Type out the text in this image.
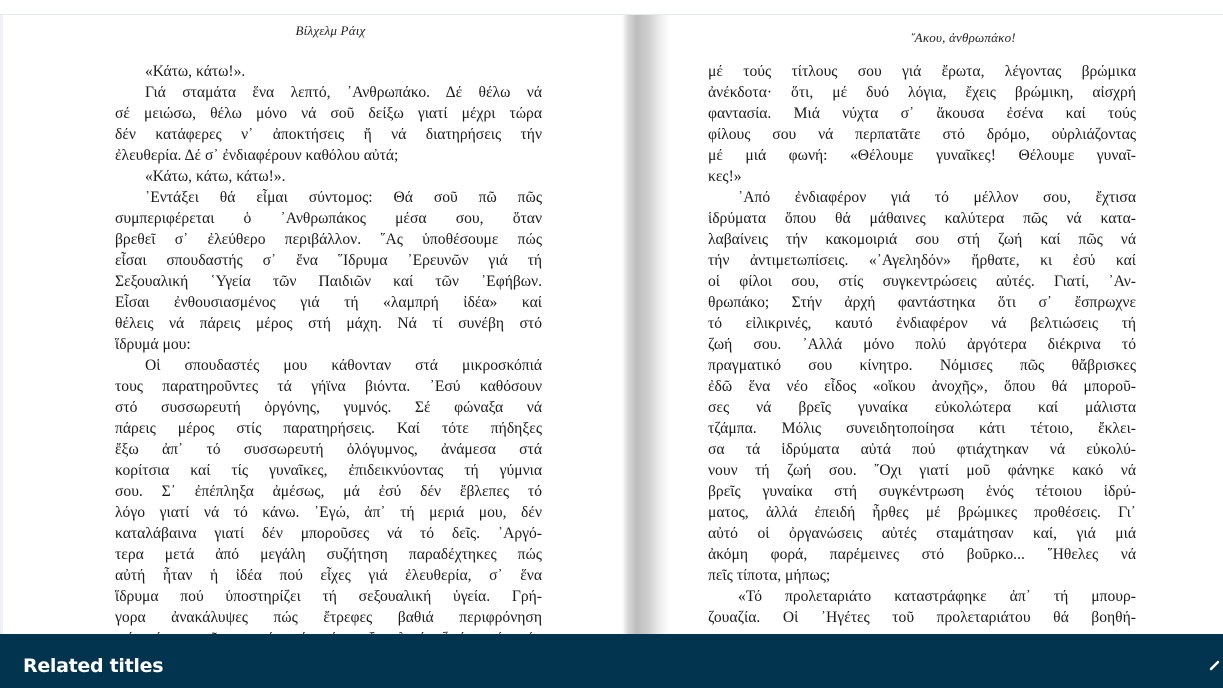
Βίλχελμ Ράιχ
«Κάτω, κάτω!».
Γιά σταμάτα ἕνα λεπτό, ᾿Ανθρωπάκο. Δέ θέλω νά
σέ μειώσω, θέλω μόνο νά σοῦ δείξω γιατί μέχρι τώρα
δέν κατάφερες ν᾿ ἀποκτήσεις ἤ νά διατηρήσεις τήν
ἐλευθερία. Δέ σ᾿ ἐνδιαφέρουν καθόλου αὐτά;
«Κάτω, κάτω, κάτω!».
᾿Εντάξει θά εἶμαι σύντομος: Θά σοῦ πῶ πῶς
συμπεριφέρεται ὁ ᾿Ανθρωπάκος μέσα σου, ὅταν
βρεθεῖ σ᾿ ἐλεύθερο περιβάλλον. ῞Ας ὑποθέσουμε πώς
εἶσαι σπουδαστής σ᾿ ἕνα ῞Ιδρυμα ᾿Ερευνῶν γιά τή
Σεξουαλική ῾Υγεία τῶν Παιδιῶν καί τῶν ᾿Εφήβων.
Εἶσαι ἐνθουσιασμένος γιά τή «λαμπρή ἰδέα» καί
θέλεις νά πάρεις μέρος στή μάχη. Νά τί συνέβη στό
ἵδρυμά μου:
Οἱ σπουδαστές μου κάθονταν στά μικροσκόπιά
τους παρατηροῦντες τά γήϊνα βιόντα. ᾿Εσύ καθόσουν
στό συσσωρευτή ὀργόνης, γυμνός. Σέ φώναξα νά
πάρεις μέρος στίς παρατηρήσεις. Καί τότε πήδηξες
ἔξω ἀπ᾿ τό συσσωρευτή ὁλόγυμνος, ἀνάμεσα στά
κορίτσια καί τίς γυναῖκες, ἐπιδεικνύοντας τή γύμνια
σου. Σ᾿ ἐπέπληξα ἀμέσως, μά ἐσύ δέν ἔβλεπες τό
λόγο γιατί νά τό κάνω. ᾿Εγώ, ἀπ᾿ τή μεριά μου, δέν
καταλάβαινα γιατί δέν μποροῦσες νά τό δεῖς. ᾿Αργό-
τερα μετά ἀπό μεγάλη συζήτηση παραδέχτηκες πώς
αὐτή ἦταν ἡ ἰδέα πού εἶχες γιά ἐλευθερία, σ᾿ ἕνα
ἵδρυμα πού ὑποστηρίζει τή σεξουαλική ὑγεία. Γρή-
γορα ἀνακάλυψες πώς ἔτρεφες βαθιά περιφρόνηση
῎Ακου, ἀνθρωπάκο!
μέ τούς τίτλους σου γιά ἔρωτα, λέγοντας βρώμικα
ἀνέκδοτα· ὅτι, μέ δυό λόγια, ἔχεις βρώμικη, αἰσχρή
φαντασία. Μιά νύχτα σ᾿ ἄκουσα ἐσένα καί τούς
φίλους σου νά περπατᾶτε στό δρόμο, οὐρλιάζοντας
μέ μιά φωνή: «Θέλουμε γυναῖκες! Θέλουμε γυναῖ-
κες!»
᾿Από ἐνδιαφέρον γιά τό μέλλον σου, ἔχτισα
ἱδρύματα ὅπου θά μάθαινες καλύτερα πῶς νά κατα-
λαβαίνεις τήν κακομοιριά σου στή ζωή καί πῶς νά
τήν ἀντιμετωπίσεις. «᾿Αγεληδόν» ἤρθατε, κι ἐσύ καί
οἱ φίλοι σου, στίς συγκεντρώσεις αὐτές. Γιατί, ᾿Αν-
θρωπάκο; Στήν ἀρχή φαντάστηκα ὅτι σ᾿ ἔσπρωχνε
τό εἰλικρινές, καυτό ἐνδιαφέρον νά βελτιώσεις τή
ζωή σου. ᾿Αλλά μόνο πολύ ἀργότερα διέκρινα τό
πραγματικό σου κίνητρο. Νόμισες πῶς θἄβρισκες
ἐδῶ ἕνα νέο εἶδος «οἴκου ἀνοχῆς», ὅπου θά μποροῦ-
σες νά βρεῖς γυναίκα εὐκολώτερα καί μάλιστα
τζάμπα. Μόλις συνειδητοποίησα κάτι τέτοιο, ἔκλει-
σα τά ἱδρύματα αὐτά πού φτιάχτηκαν νά εὐκολύ-
νουν τή ζωή σου. ῎Οχι γιατί μοῦ φάνηκε κακό νά
βρεῖς γυναίκα στή συγκέντρωση ἑνός τέτοιου ἱδρύ-
ματος, ἀλλά ἐπειδή ἦρθες μέ βρώμικες προθέσεις. Γι᾿
αὐτό οἱ ὀργανώσεις αὐτές σταμάτησαν καί, γιά μιά
ἀκόμη φορά, παρέμεινες στό βοῦρκο... ῞Ηθελες νά
πεῖς τίποτα, μήπως;
«Τό προλεταριάτο καταστράφηκε ἀπ᾿ τή μπουρ-
ζουαζία. Οἱ ᾿Ηγέτες τοῦ προλεταριάτου θά βοηθή-
Related titles
